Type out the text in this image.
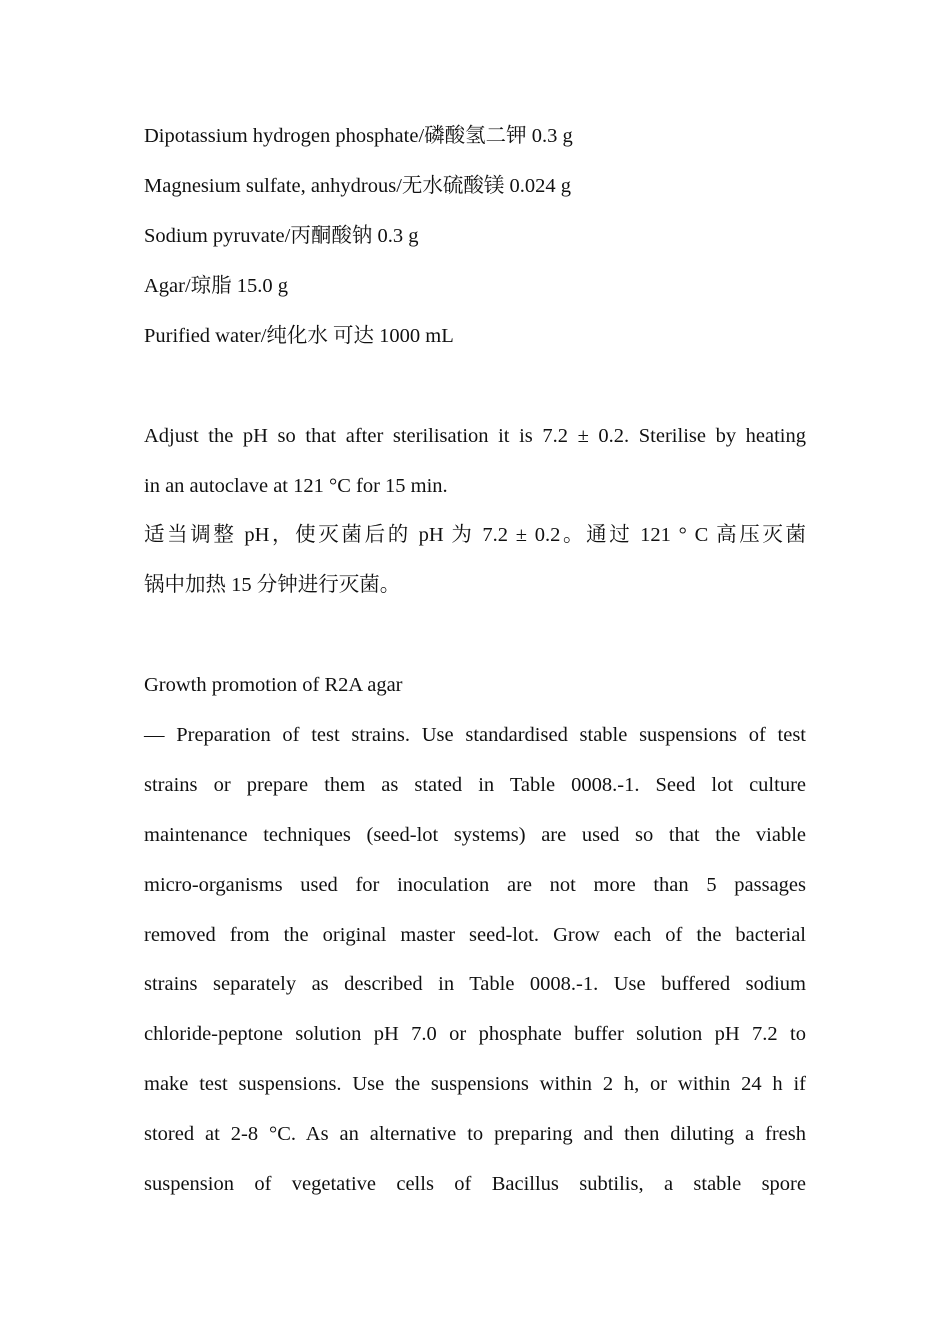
Dipotassium hydrogen phosphate/磷酸氢二钾 0.3 g
Magnesium sulfate, anhydrous/无水硫酸镁 0.024 g
Sodium pyruvate/丙酮酸钠 0.3 g
Agar/琼脂 15.0 g
Purified water/纯化水 可达 1000 mL
Adjust the pH so that after sterilisation it is 7.2 ± 0.2. Sterilise by heating
in an autoclave at 121 °C for 15 min.
适当调整 pH，使灭菌后的 pH 为 7.2 ± 0.2。通过 121 ° C 高压灭菌
锅中加热 15 分钟进行灭菌。
Growth promotion of R2A agar
— Preparation of test strains. Use standardised stable suspensions of test
strains or prepare them as stated in Table 0008.-1. Seed lot culture
maintenance techniques (seed-lot systems) are used so that the viable
micro-organisms used for inoculation are not more than 5 passages
removed from the original master seed-lot. Grow each of the bacterial
strains separately as described in Table 0008.-1. Use buffered sodium
chloride-peptone solution pH 7.0 or phosphate buffer solution pH 7.2 to
make test suspensions. Use the suspensions within 2 h, or within 24 h if
stored at 2-8 °C. As an alternative to preparing and then diluting a fresh
suspension of vegetative cells of Bacillus subtilis, a stable spore
